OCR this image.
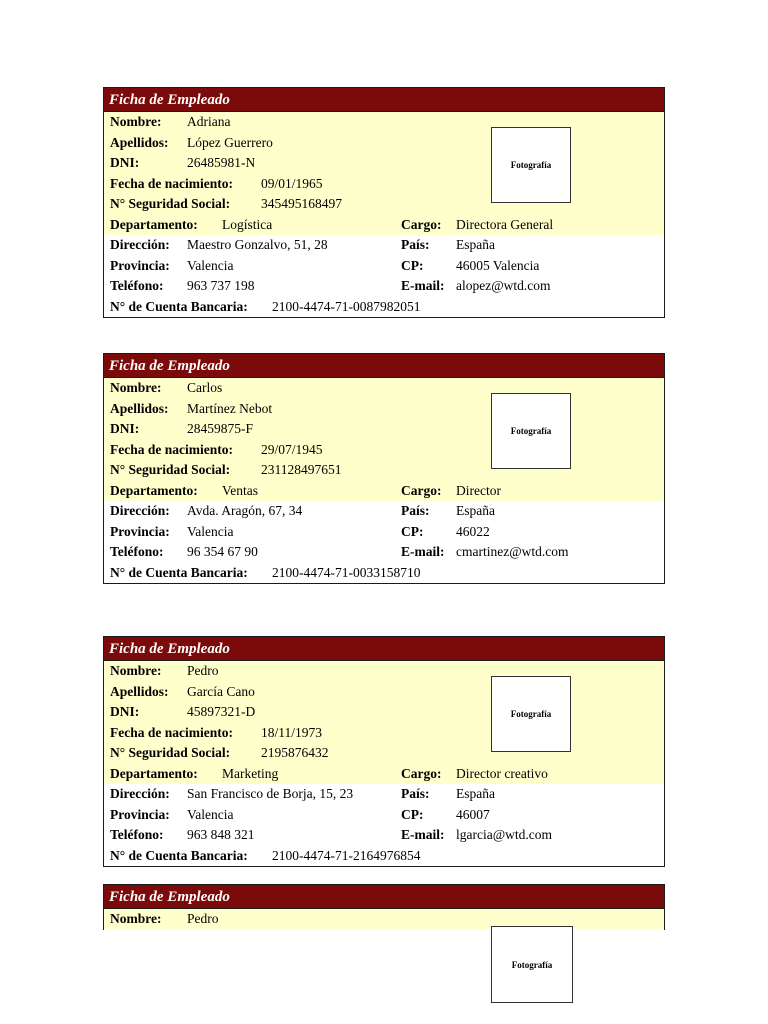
Ficha de Empleado
Nombre: Adriana
Apellidos: López Guerrero
DNI:	26485981-N
Fecha de nacimiento: 09/01/1965
N° Seguridad Social: 345495168497
Departamento: Logística	Cargo: Directora General
Fotografía
Dirección: Maestro Gonzalvo, 51, 28	País: España
Provincia: Valencia	CP: 46005 Valencia
Teléfono: 963 737 198	E-mail: alopez@wtd.com
N° de Cuenta Bancaria: 2100-4474-71-0087982051
Ficha de Empleado
Nombre: Carlos
Apellidos: Martínez Nebot
DNI:	28459875-F
Fecha de nacimiento: 29/07/1945
N° Seguridad Social: 231128497651
Departamento: Ventas	Cargo: Director
Fotografía
Dirección: Avda. Aragón, 67, 34	País: España
Provincia: Valencia	CP: 46022
Teléfono: 96 354 67 90	E-mail: cmartinez@wtd.com
N° de Cuenta Bancaria: 2100-4474-71-0033158710
Ficha de Empleado
Nombre: Pedro
Apellidos: García Cano
DNI:	45897321-D
Fecha de nacimiento: 18/11/1973
N° Seguridad Social: 2195876432
Departamento: Marketing	Cargo: Director creativo
Fotografía
Dirección: San Francisco de Borja, 15, 23	País: España
Provincia: Valencia	CP: 46007
Teléfono: 963 848 321	E-mail: lgarcia@wtd.com
N° de Cuenta Bancaria: 2100-4474-71-2164976854
Ficha de Empleado
Nombre: Pedro
Fotografía
